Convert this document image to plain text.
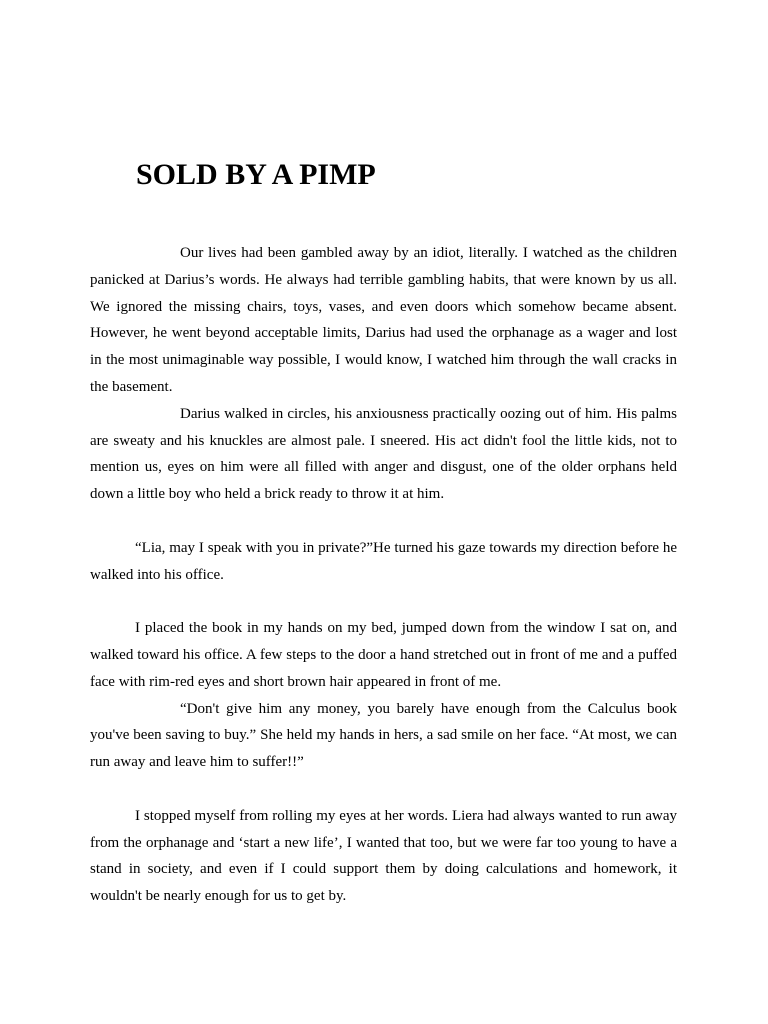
SOLD BY A PIMP

Our lives had been gambled away by an idiot, literally. I watched as the children panicked at Darius’s words. He always had terrible gambling habits, that were known by us all. We ignored the missing chairs, toys, vases, and even doors which somehow became absent. However, he went beyond acceptable limits, Darius had used the orphanage as a wager and lost in the most unimaginable way possible, I would know, I watched him through the wall cracks in the basement.

Darius walked in circles, his anxiousness practically oozing out of him. His palms are sweaty and his knuckles are almost pale. I sneered. His act didn't fool the little kids, not to mention us, eyes on him were all filled with anger and disgust, one of the older orphans held down a little boy who held a brick ready to throw it at him.

“Lia, may I speak with you in private?”He turned his gaze towards my direction before he walked into his office.

I placed the book in my hands on my bed, jumped down from the window I sat on, and walked toward his office. A few steps to the door a hand stretched out in front of me and a puffed face with rim-red eyes and short brown hair appeared in front of me.

“Don't give him any money, you barely have enough from the Calculus book you've been saving to buy.” She held my hands in hers, a sad smile on her face. “At most, we can run away and leave him to suffer!!”

I stopped myself from rolling my eyes at her words. Liera had always wanted to run away from the orphanage and ‘start a new life’, I wanted that too, but we were far too young to have a stand in society, and even if I could support them by doing calculations and homework, it wouldn't be nearly enough for us to get by.
